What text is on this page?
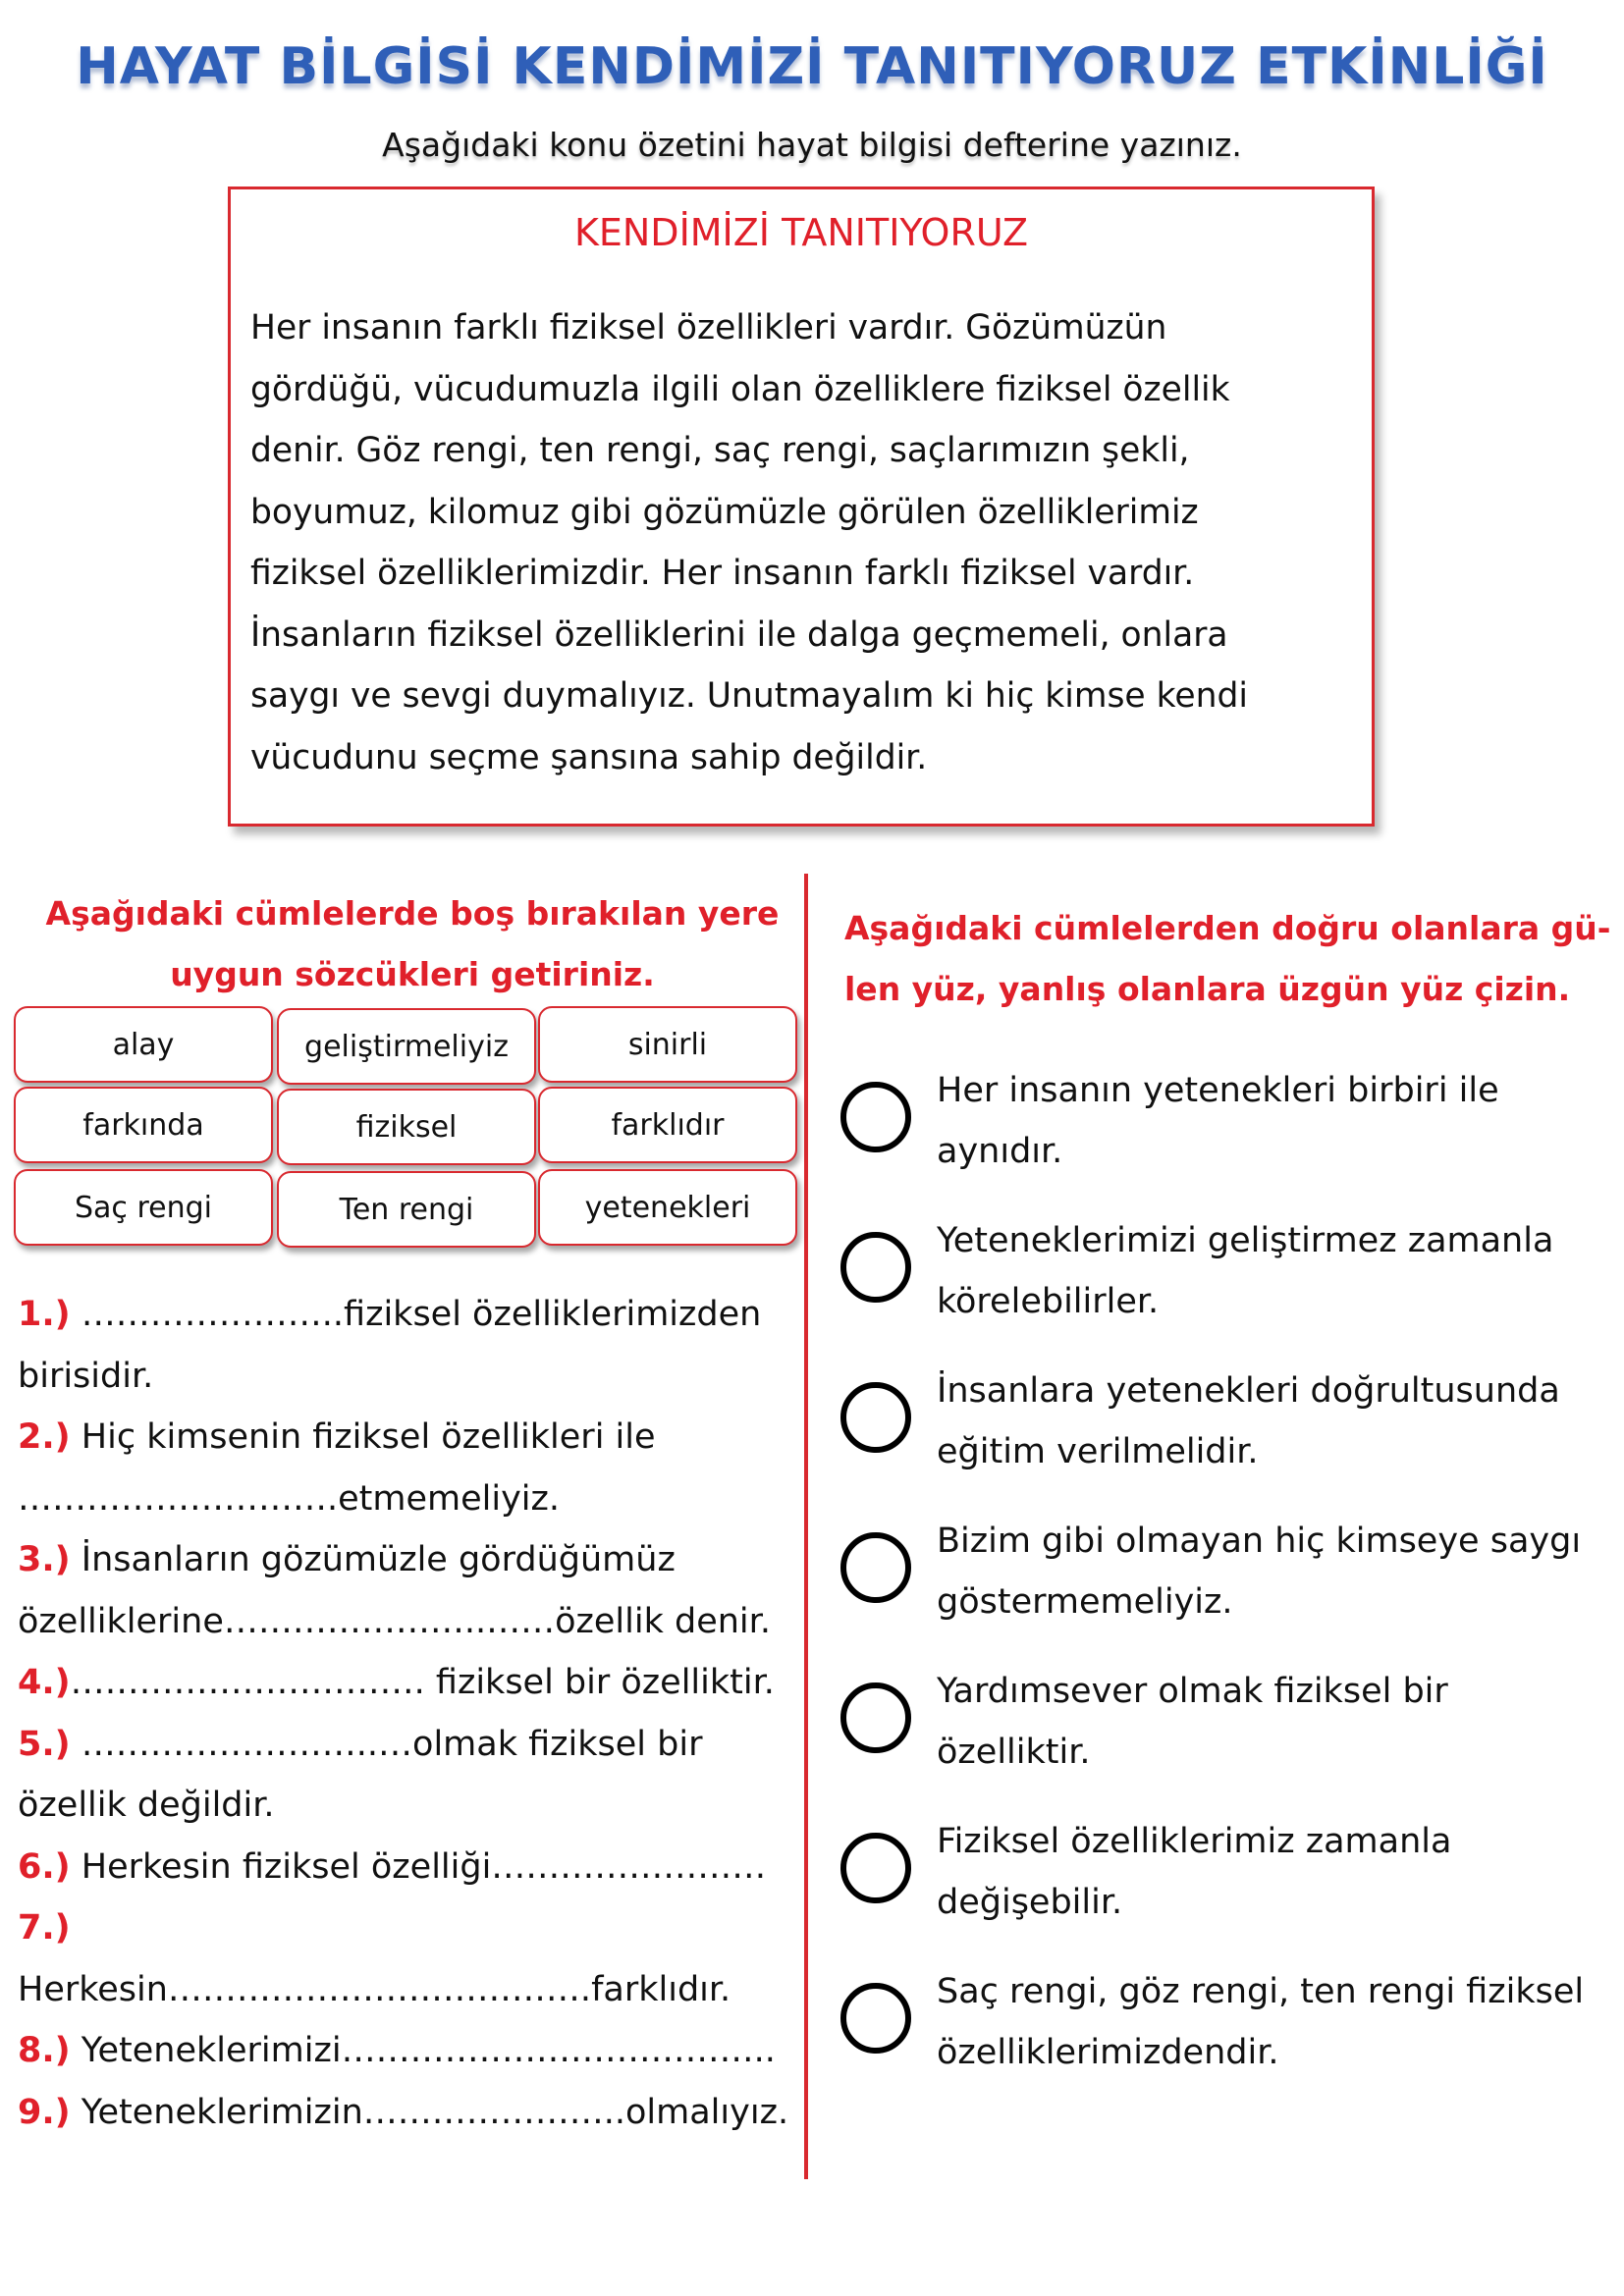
HAYAT BİLGİSİ KENDİMİZİ TANITIYORUZ ETKİNLİĞİ
Aşağıdaki konu özetini hayat bilgisi defterine yazınız.
KENDİMİZİ TANITIYORUZ
Her insanın farklı fiziksel özellikleri vardır. Gözümüzün
gördüğü, vücudumuzla ilgili olan özelliklere fiziksel özellik
denir. Göz rengi, ten rengi, saç rengi, saçlarımızın şekli,
boyumuz, kilomuz gibi gözümüzle görülen özelliklerimiz
fiziksel özelliklerimizdir. Her insanın farklı fiziksel vardır.
İnsanların fiziksel özelliklerini ile dalga geçmemeli, onlara
saygı ve sevgi duymalıyız. Unutmayalım ki hiç kimse kendi
vücudunu seçme şansına sahip değildir.
Aşağıdaki cümlelerde boş bırakılan yere uygun sözcükleri getiriniz.
Aşağıdaki cümlelerden doğru olanlara gü-
len yüz, yanlış olanlara üzgün yüz çizin.
alay	geliştirmeliyiz	sinirli
farkında	fiziksel	farklıdır
Saç rengi	Ten rengi	yetenekleri

1.) …………………..fiziksel özelliklerimizden birisidir.

2.) Hiç kimsenin fiziksel özellikleri ile ……………………….etmemeliyiz.

3.) İnsanların gözümüzle gördüğümüz özelliklerine…………………..……özellik denir.

4.)…………………………. fiziksel bir özelliktir.

5.) ……………………..…olmak fiziksel bir özellik değildir.

6.) Herkesin fiziksel özelliği……………………

7.) Herkesin……………………………….farklıdır.

8.) Yeteneklerimizi………………………………..

9.) Yeteneklerimizin…………………..olmalıyız.

Her insanın yetenekleri birbiri ile
aynıdır.
Yeteneklerimizi geliştirmez zamanla
körelebilirler.
İnsanlara yetenekleri doğrultusunda
eğitim verilmelidir.
Bizim gibi olmayan hiç kimseye saygı
göstermemeliyiz.
Yardımsever olmak fiziksel bir
özelliktir.
Fiziksel özelliklerimiz zamanla
değişebilir.
Saç rengi, göz rengi, ten rengi fiziksel
özelliklerimizdendir.
